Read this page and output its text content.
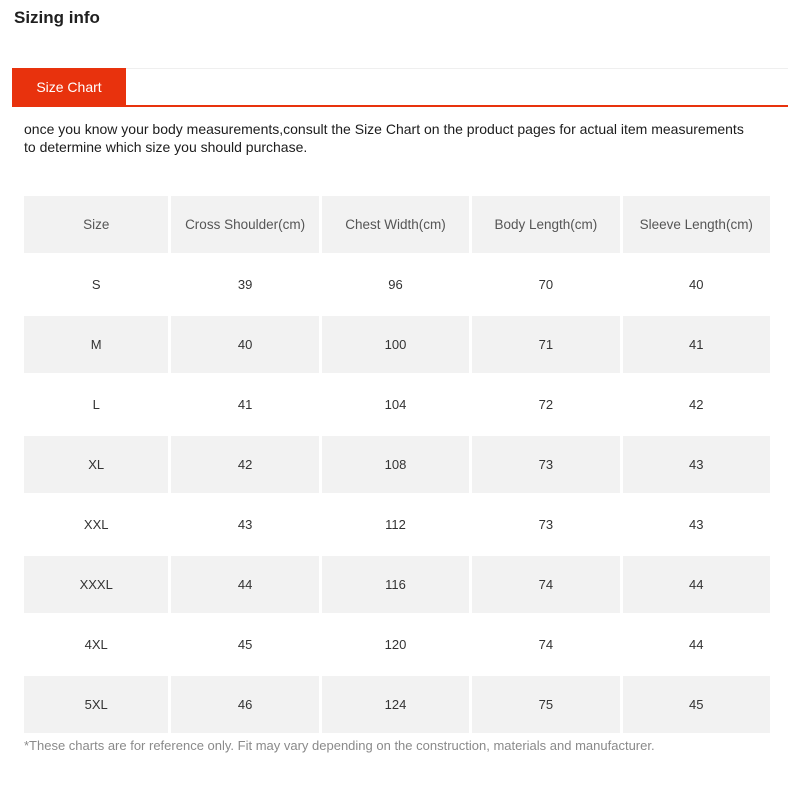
Sizing info
Size Chart
once you know your body measurements,consult the Size Chart on the product pages for actual item measurements to determine which size you should purchase.
Size	Cross Shoulder(cm)	Chest Width(cm)	Body Length(cm)	Sleeve Length(cm)
S	39	96	70	40
M	40	100	71	41
L	41	104	72	42
XL	42	108	73	43
XXL	43	112	73	43
XXXL	44	116	74	44
4XL	45	120	74	44
5XL	46	124	75	45
*These charts are for reference only. Fit may vary depending on the construction, materials and manufacturer.
